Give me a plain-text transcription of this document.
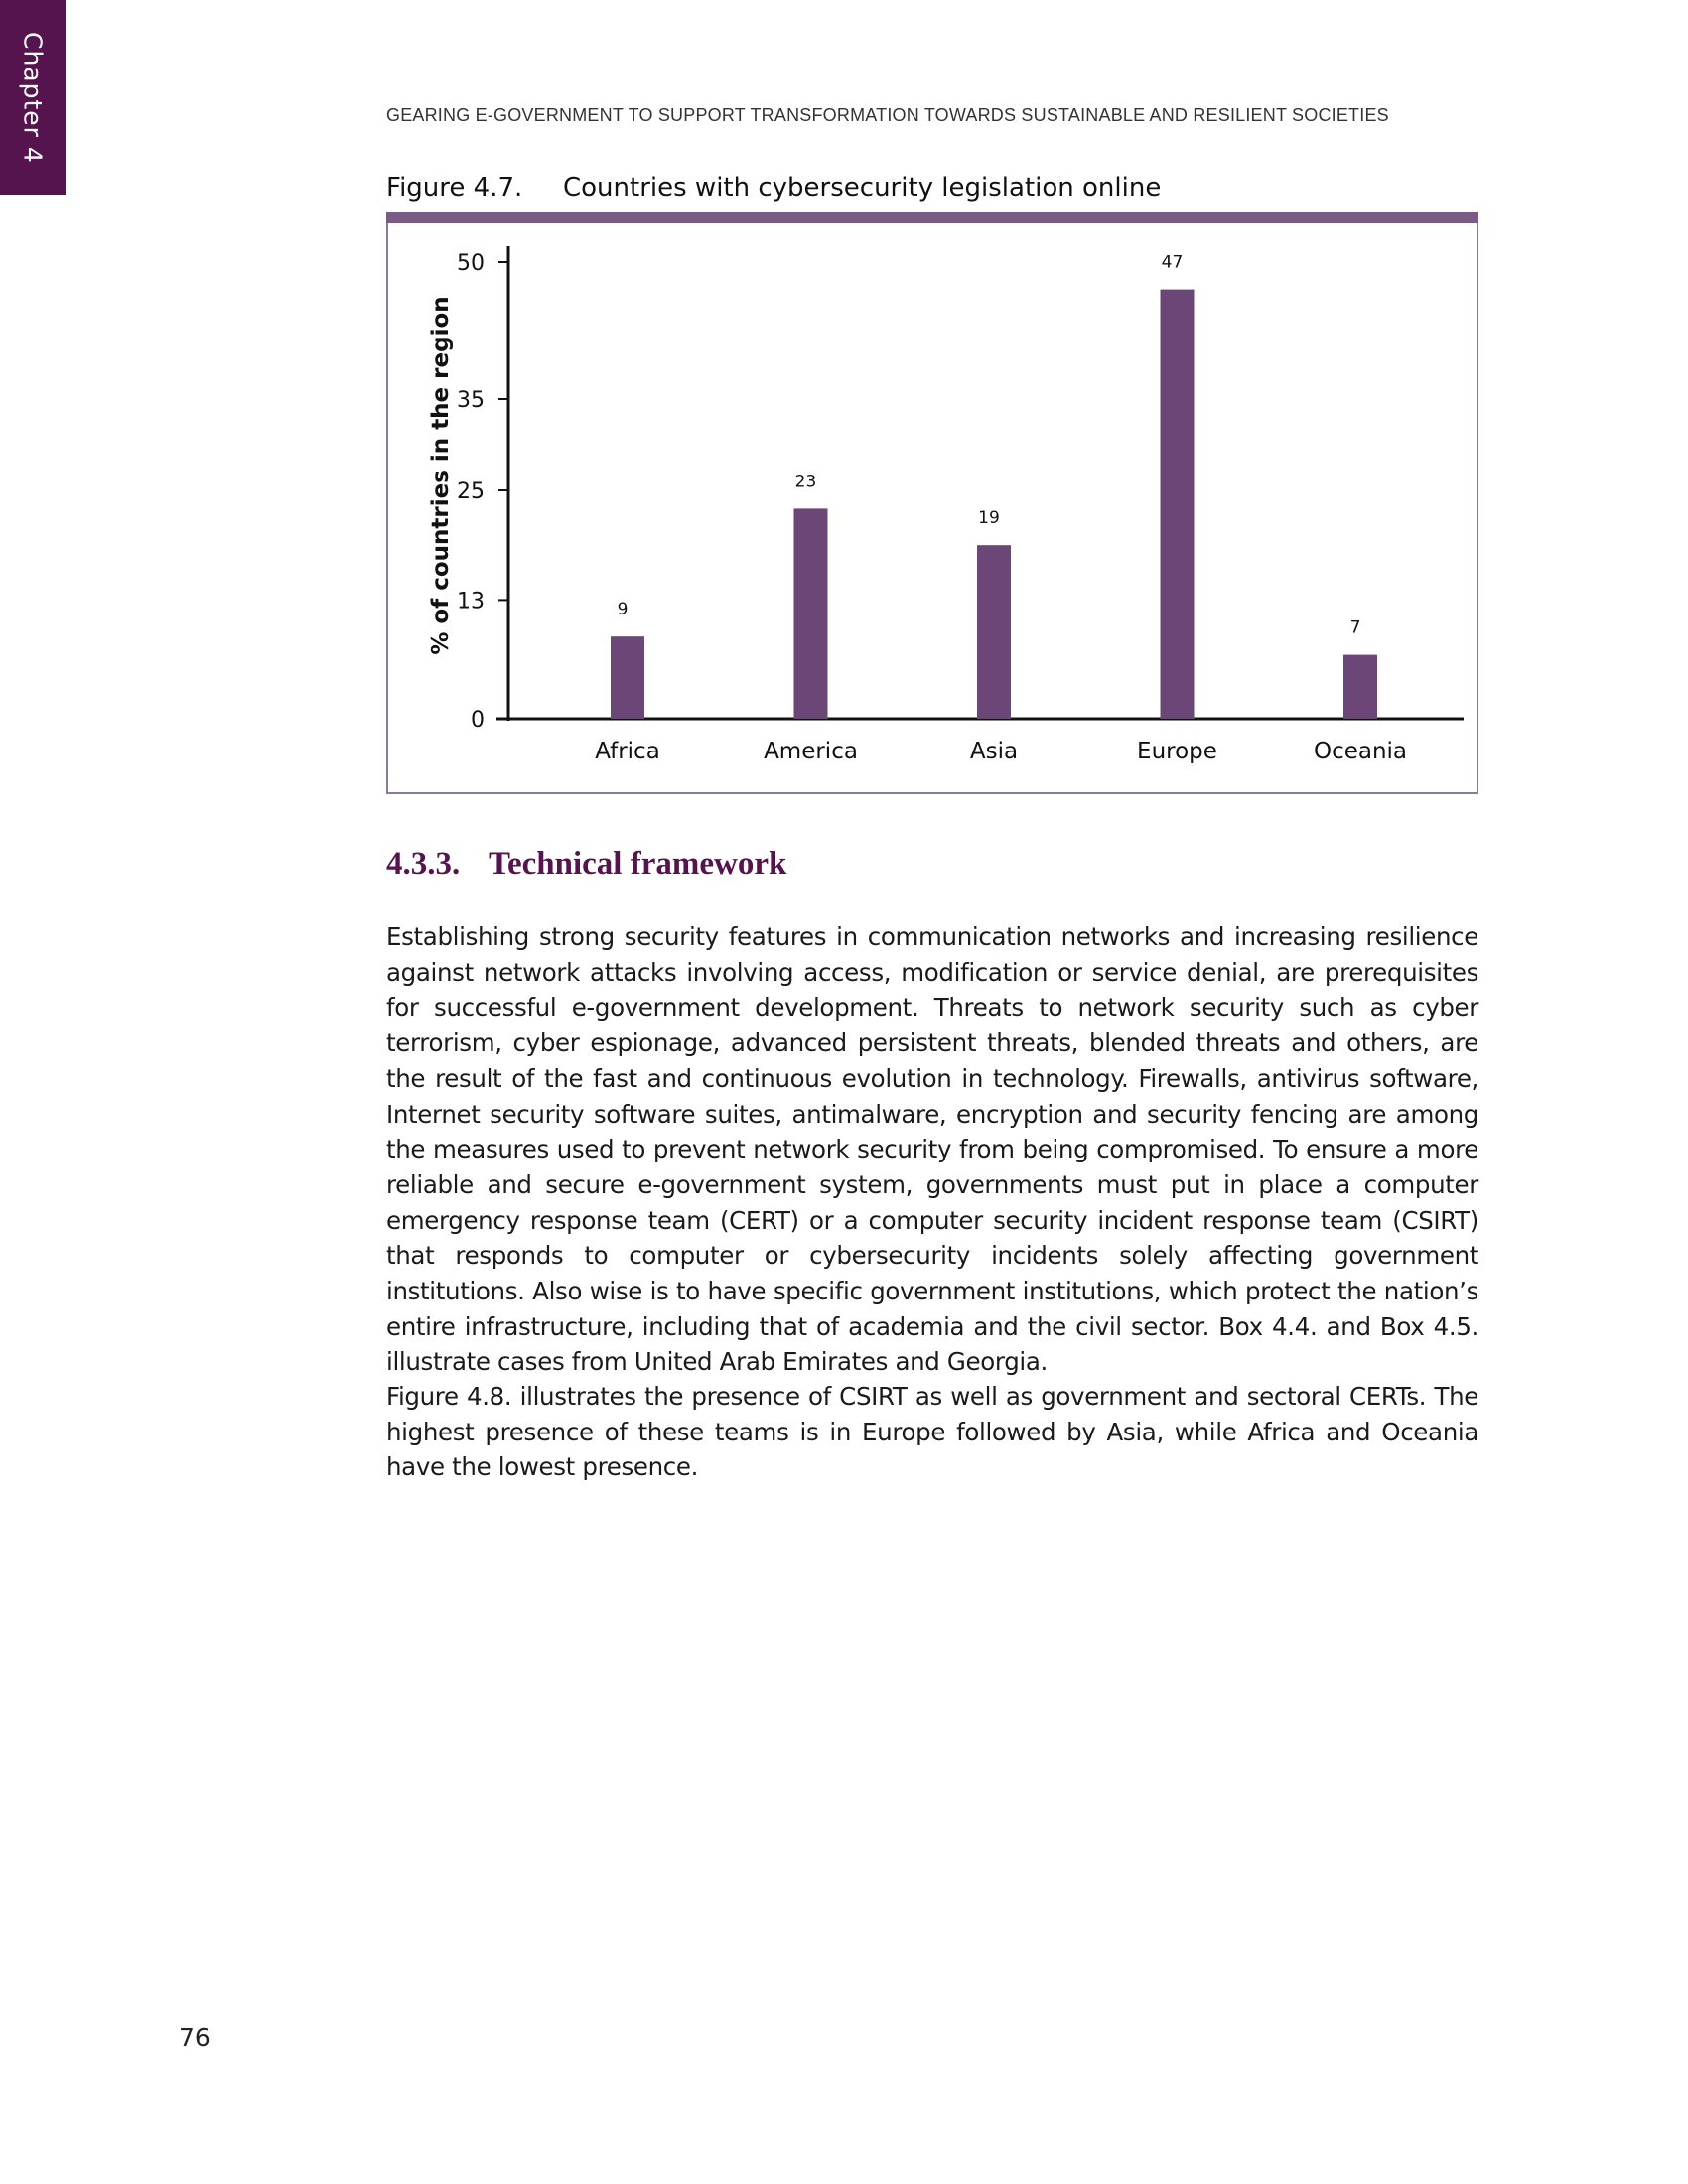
Chapter 4	GEARING E-GOVERNMENT TO SUPPORT TRANSFORMATION TOWARDS SUSTAINABLE AND RESILIENT SOCIETIES
Figure 4.7. Countries with cybersecurity legislation online
0
13
25
35
50
% of countries in the region	9
Africa
23
America
19
Asia
47
Europe
7
Oceania
4.3.3. Technical framework

Establishing strong security features in communication networks and increasing resilience against network attacks involving access, modification or service denial, are prerequisites for successful e-government development. Threats to network security such as cyber terrorism, cyber espionage, advanced persistent threats, blended threats and others, are the result of the fast and continuous evolution in technology. Firewalls, antivirus software, Internet security software suites, antimalware, encryption and security fencing are among the measures used to prevent network security from being compromised. To ensure a more reliable and secure e-government system, governments must put in place a computer emergency response team (CERT) or a computer security incident response team (CSIRT) that responds to computer or cybersecurity incidents solely affecting government institutions. Also wise is to have specific government institutions, which protect the nation’s entire infrastructure, including that of academia and the civil sector. Box 4.4. and Box 4.5. illustrate cases from United Arab Emirates and Georgia.

Figure 4.8. illustrates the presence of CSIRT as well as government and sectoral CERTs. The highest presence of these teams is in Europe followed by Asia, while Africa and Oceania have the lowest presence.

76
